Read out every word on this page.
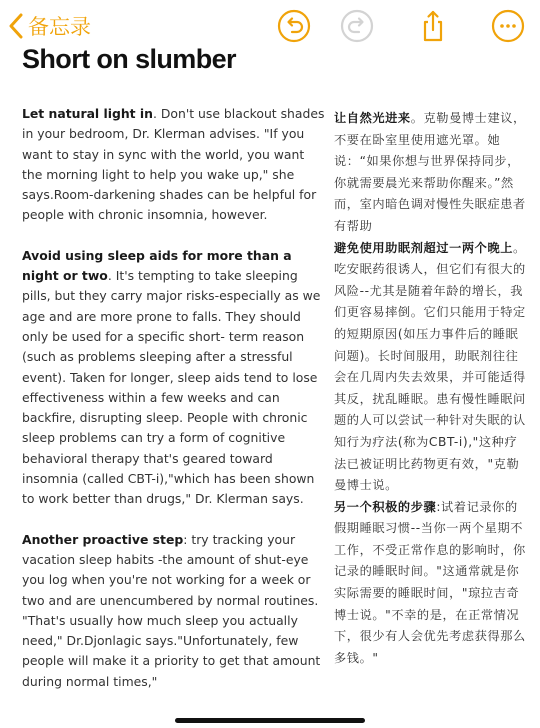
备忘录
Short on slumber

Let natural light in. Don't use blackout shades in your bedroom, Dr. Klerman advises. "If you want to stay in sync with the world, you want the morning light to help you wake up," she says.Room-darkening shades can be helpful for people with chronic insomnia, however.

Avoid using sleep aids for more than a night or two. It's tempting to take sleeping pills, but they carry major risks-especially as we age and are more prone to falls. They should only be used for a specific short- term reason (such as problems sleeping after a stressful event). Taken for longer, sleep aids tend to lose effectiveness within a few weeks and can backfire, disrupting sleep. People with chronic sleep problems can try a form of cognitive behavioral therapy that's geared toward insomnia (called CBT-i),"which has been shown to work better than drugs," Dr. Klerman says.

Another proactive step: try tracking your vacation sleep habits -the amount of shut-eye you log when you're not working for a week or two and are unencumbered by normal routines. "That's usually how much sleep you actually need," Dr.Djonlagic says."Unfortunately, few people will make it a priority to get that amount during normal times,"

让自然光进来。克勒曼博士建议，不要在卧室里使用遮光罩。她说：“如果你想与世界保持同步，你就需要晨光来帮助你醒来。”然而，室内暗色调对慢性失眠症患者有帮助

避免使用助眠剂超过一两个晚上。吃安眠药很诱人，但它们有很大的风险--尤其是随着年龄的增长，我们更容易摔倒。它们只能用于特定的短期原因(如压力事件后的睡眠问题)。长时间服用，助眠剂往往会在几周内失去效果，并可能适得其反，扰乱睡眠。患有慢性睡眠问题的人可以尝试一种针对失眠的认知行为疗法(称为CBT-i),"这种疗法已被证明比药物更有效，"克勒曼博士说。

另一个积极的步骤:试着记录你的假期睡眠习惯--当你一两个星期不工作，不受正常作息的影响时，你记录的睡眠时间。"这通常就是你实际需要的睡眠时间，"琼拉吉奇博士说。"不幸的是，在正常情况下，很少有人会优先考虑获得那么多钱。"
